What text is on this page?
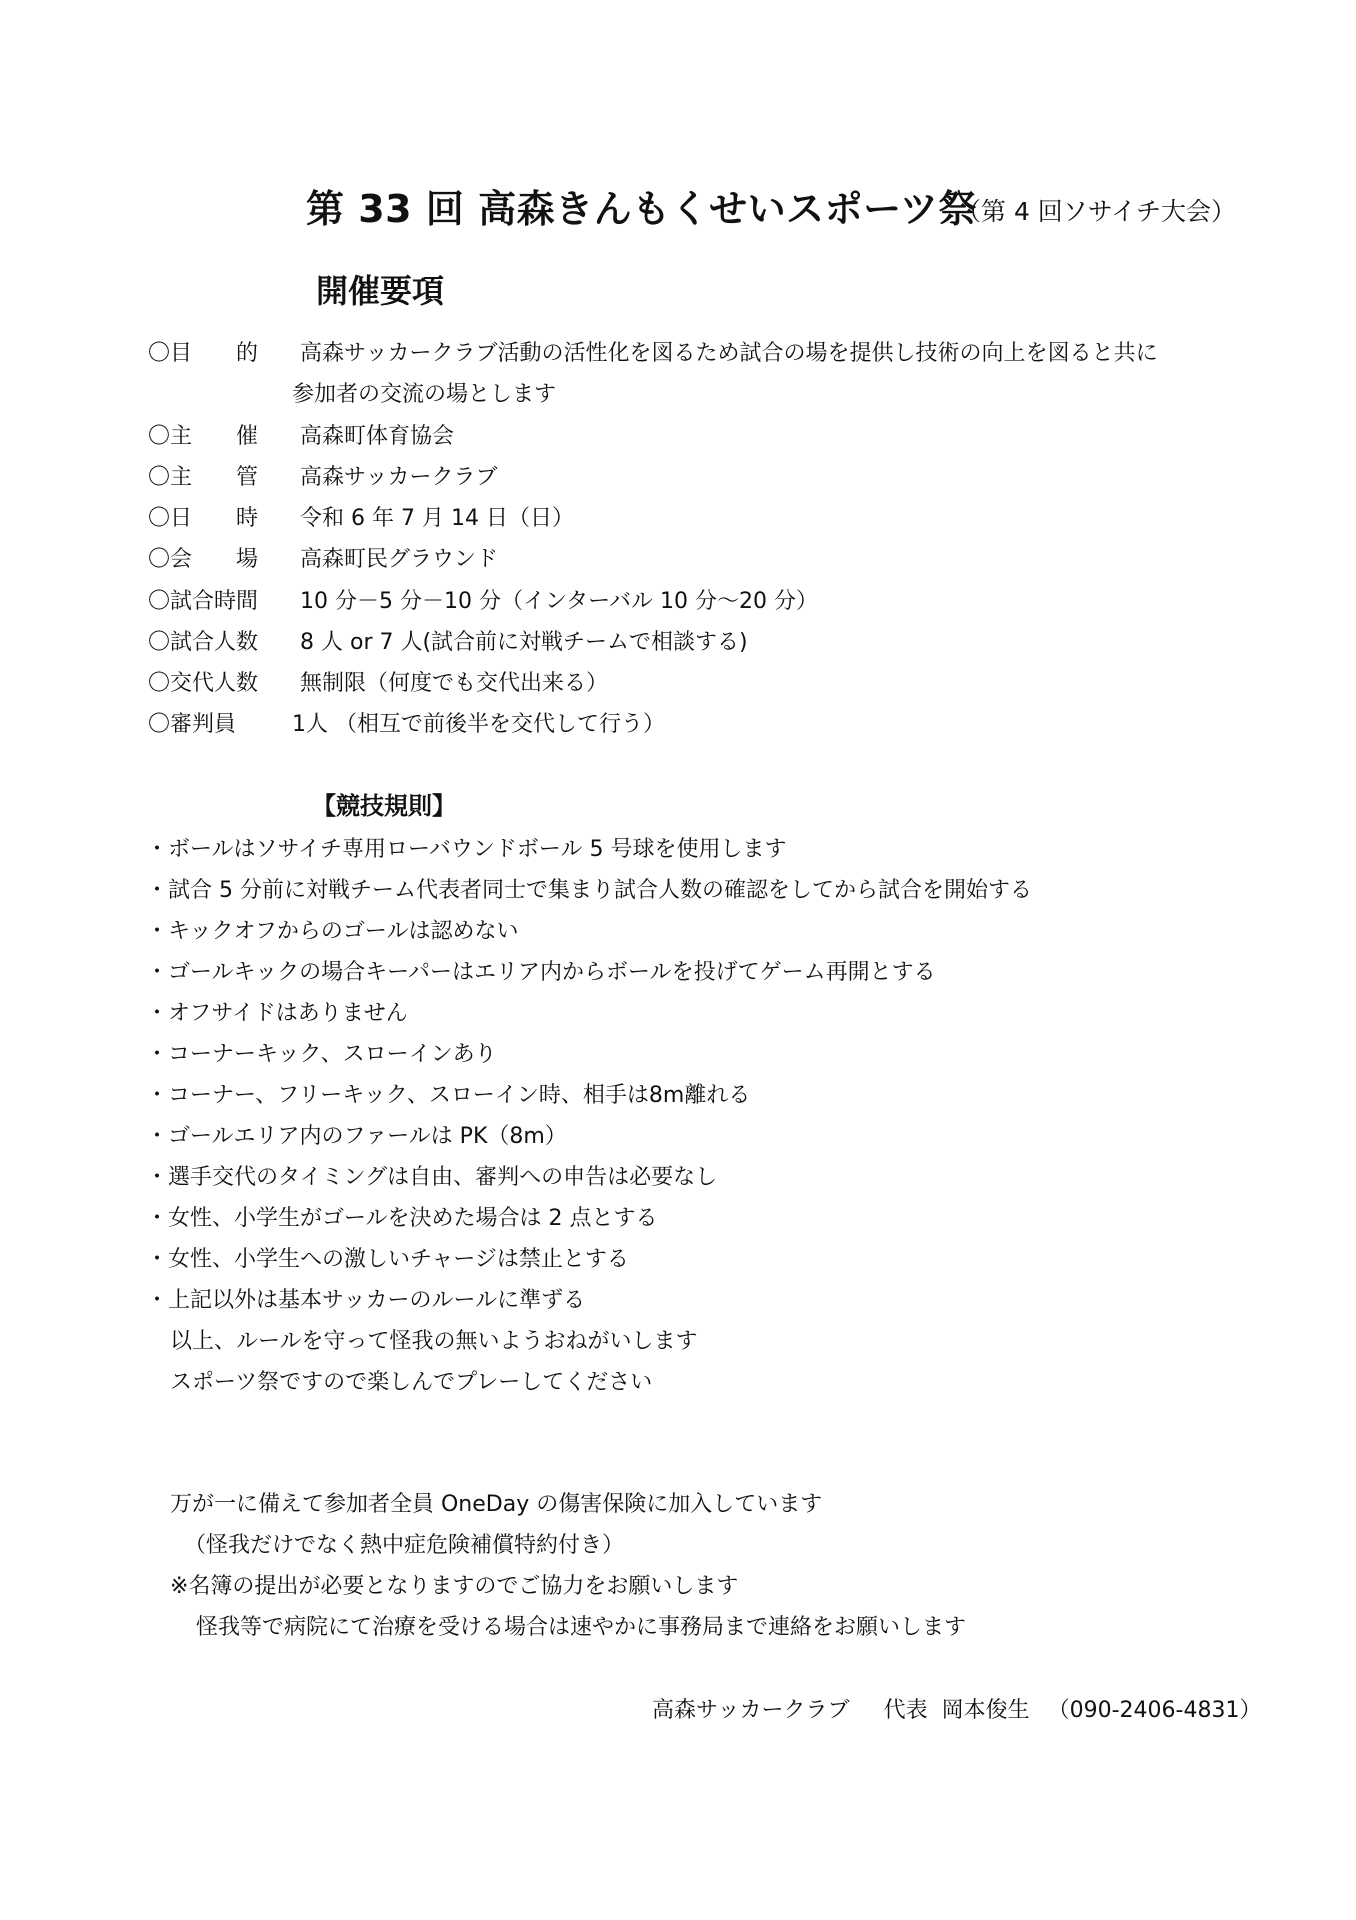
第 33 回 高森きんもくせいスポーツ祭
（第 4 回ソサイチ大会）
開催要項
〇目　　的 高森サッカークラブ活動の活性化を図るため試合の場を提供し技術の向上を図ると共に
参加者の交流の場とします
〇主　　催 高森町体育協会
〇主　　管 高森サッカークラブ
〇日　　時 令和 6 年 7 月 14 日（日）
〇会　　場 高森町民グラウンド
〇試合時間 10 分－5 分－10 分（インターバル 10 分～20 分）
〇試合人数 8 人 or 7 人(試合前に対戦チームで相談する)
〇交代人数 無制限（何度でも交代出来る）
〇審判員	1人 （相互で前後半を交代して行う）
【競技規則】
・ボールはソサイチ専用ローバウンドボール 5 号球を使用します
・試合 5 分前に対戦チーム代表者同士で集まり試合人数の確認をしてから試合を開始する
・キックオフからのゴールは認めない
・ゴールキックの場合キーパーはエリア内からボールを投げてゲーム再開とする
・オフサイドはありません
・コーナーキック、スローインあり
・コーナー、フリーキック、スローイン時、相手は8m離れる
・ゴールエリア内のファールは PK（8m）
・選手交代のタイミングは自由、審判への申告は必要なし
・女性、小学生がゴールを決めた場合は 2 点とする
・女性、小学生への激しいチャージは禁止とする
・上記以外は基本サッカーのルールに準ずる
以上、ルールを守って怪我の無いようおねがいします
スポーツ祭ですので楽しんでプレーしてください
万が一に備えて参加者全員 OneDay の傷害保険に加入しています
（怪我だけでなく熱中症危険補償特約付き）
※名簿の提出が必要となりますのでご協力をお願いします
怪我等で病院にて治療を受ける場合は速やかに事務局まで連絡をお願いします
高森サッカークラブ 代表 岡本俊生 （090-2406-4831）
